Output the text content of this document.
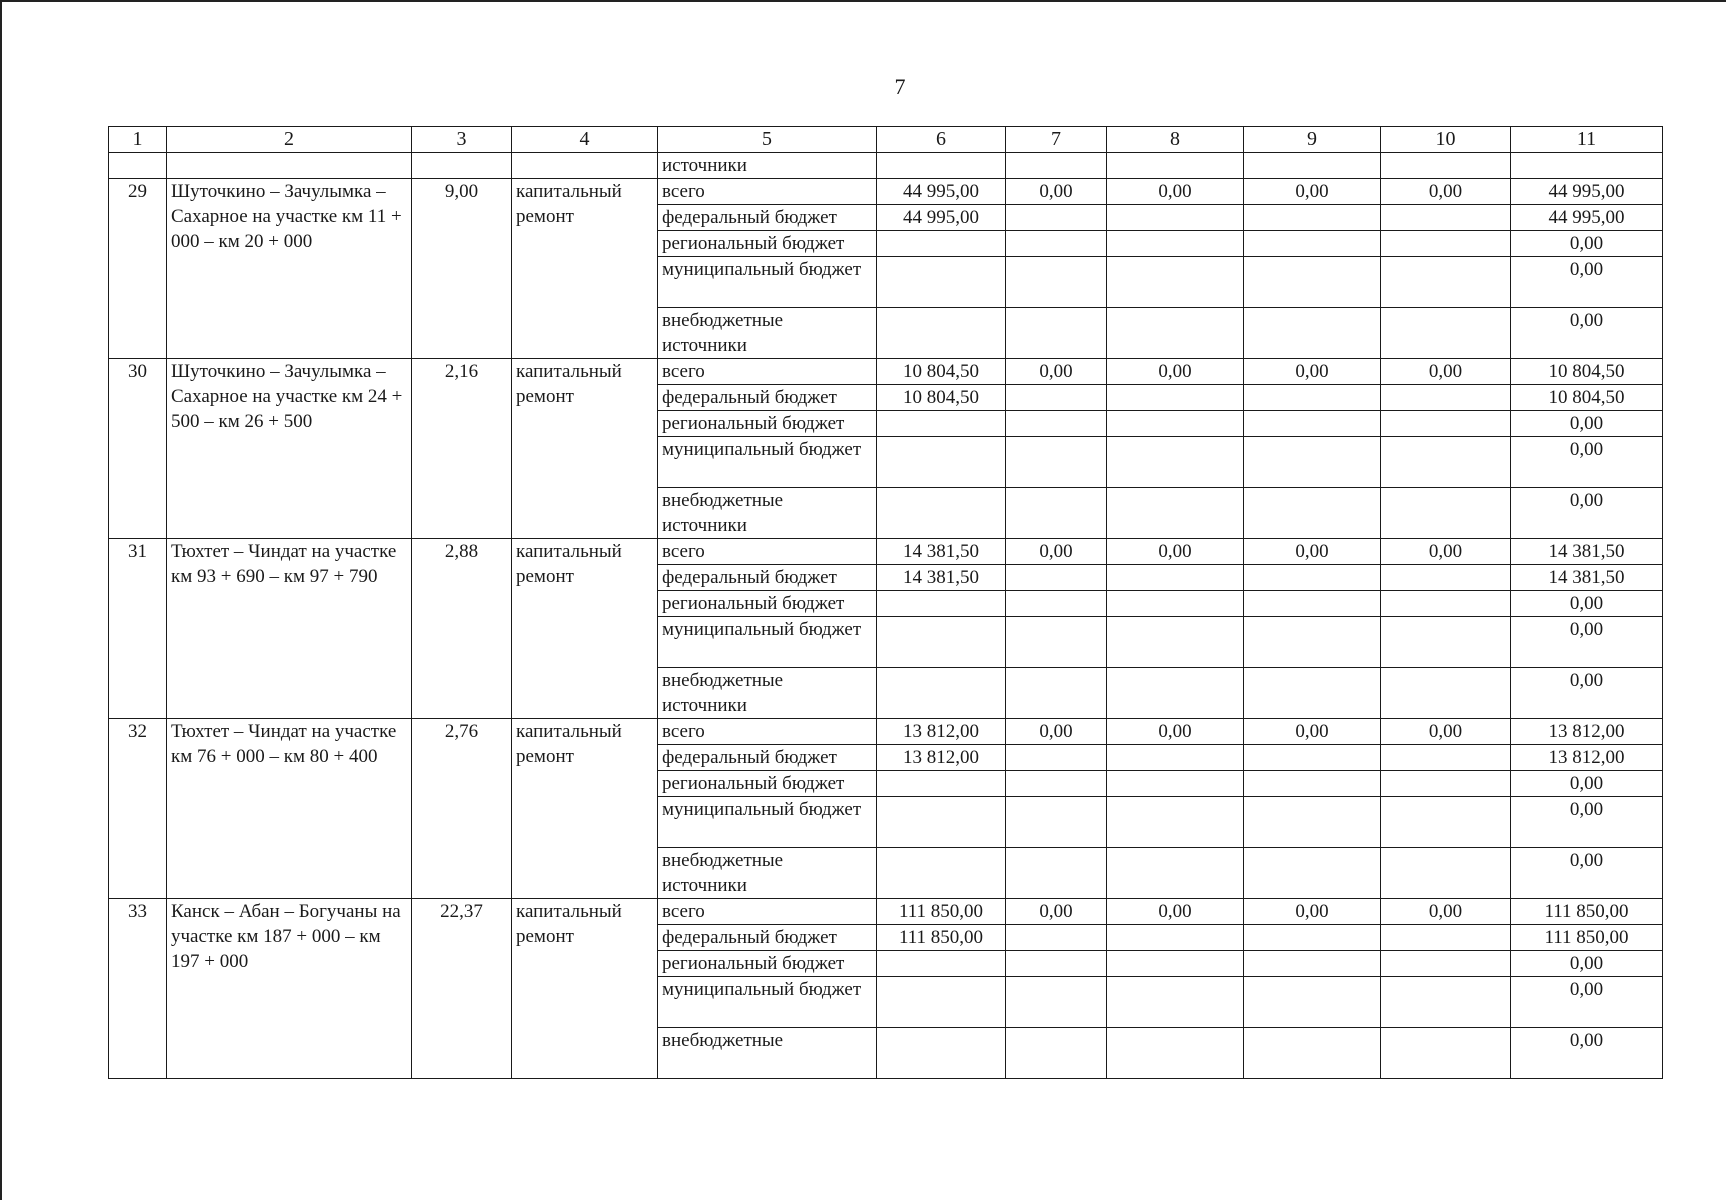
7
1	2	3	4	5	6	7	8	9	10	11
				источники						
29	Шуточкино – Зачулымка – Сахарное на участке км 11 + 000 – км 20 + 000	9,00	капитальный ремонт	всего	44 995,00	0,00	0,00	0,00	0,00	44 995,00
				федеральный бюджет	44 995,00					44 995,00
				региональный бюджет						0,00
				муниципальный бюджет						0,00
				внебюджетные источники						0,00
30	Шуточкино – Зачулымка – Сахарное на участке км 24 + 500 – км 26 + 500	2,16	капитальный ремонт	всего	10 804,50	0,00	0,00	0,00	0,00	10 804,50
				федеральный бюджет	10 804,50					10 804,50
				региональный бюджет						0,00
				муниципальный бюджет						0,00
				внебюджетные источники						0,00
31	Тюхтет – Чиндат на участке км 93 + 690 – км 97 + 790	2,88	капитальный ремонт	всего	14 381,50	0,00	0,00	0,00	0,00	14 381,50
				федеральный бюджет	14 381,50					14 381,50
				региональный бюджет						0,00
				муниципальный бюджет						0,00
				внебюджетные источники						0,00
32	Тюхтет – Чиндат на участке км 76 + 000 – км 80 + 400	2,76	капитальный ремонт	всего	13 812,00	0,00	0,00	0,00	0,00	13 812,00
				федеральный бюджет	13 812,00					13 812,00
				региональный бюджет						0,00
				муниципальный бюджет						0,00
				внебюджетные источники						0,00
33	Канск – Абан – Богучаны на участке км 187 + 000 – км 197 + 000	22,37	капитальный ремонт	всего	111 850,00	0,00	0,00	0,00	0,00	111 850,00
				федеральный бюджет	111 850,00					111 850,00
				региональный бюджет						0,00
				муниципальный бюджет						0,00
				внебюджетные						0,00
